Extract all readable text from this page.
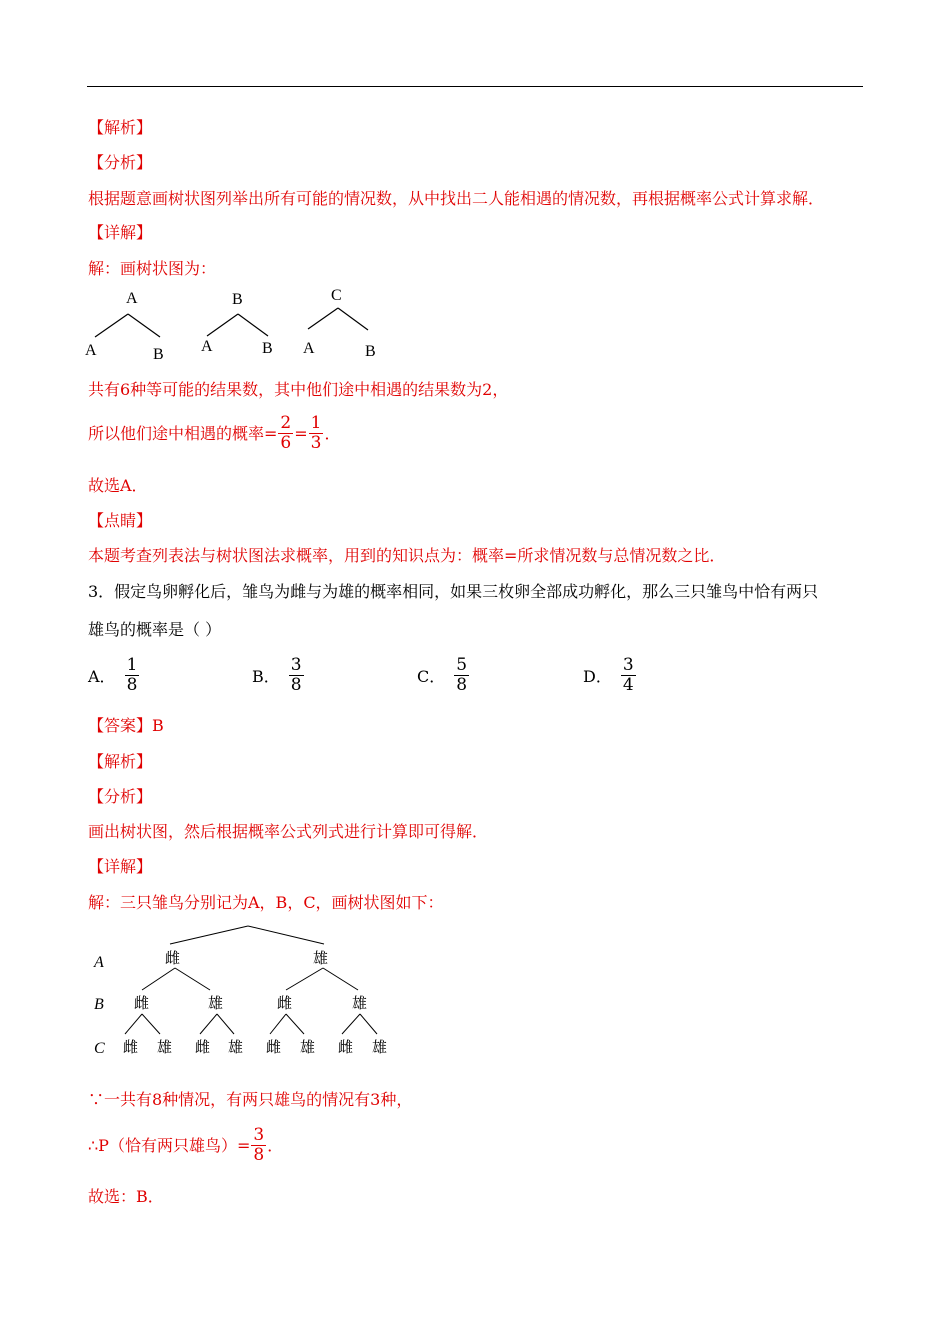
【解析】
【分析】
根据题意画树状图列举出所有可能的情况数，从中找出二人能相遇的情况数，再根据概率公式计算求解．
【详解】
解：画树状图为：
A
A	B
B
A	B
C
A	B
共有6种等可能的结果数，其中他们途中相遇的结果数为2，
所以他们途中相遇的概率= $\frac{2}{6} = \frac{1}{3}$ ．
故选A．
【点睛】
本题考查列表法与树状图法求概率，用到的知识点为：概率=所求情况数与总情况数之比．
3．假定鸟卵孵化后，雏鸟为雌与为雄的概率相同，如果三枚卵全部成功孵化，那么三只雏鸟中恰有两只
雄鸟的概率是（ ）
A． $\frac{1}{8}$	B． $\frac{3}{8}$	C． $\frac{5}{8}$	D． $\frac{3}{4}$
【答案】B
【解析】
【分析】
画出树状图，然后根据概率公式列式进行计算即可得解．
【详解】
解：三只雏鸟分别记为A，B，C，画树状图如下：
A
B
C
雌	雄
雌	雄	雌	雄
雌 雄 雌 雄 雌 雄 雌 雄
∵一共有8种情况，有两只雄鸟的情况有3种，
∴P（恰有两只雄鸟）= $\frac{3}{8}$ ．
故选：B．
